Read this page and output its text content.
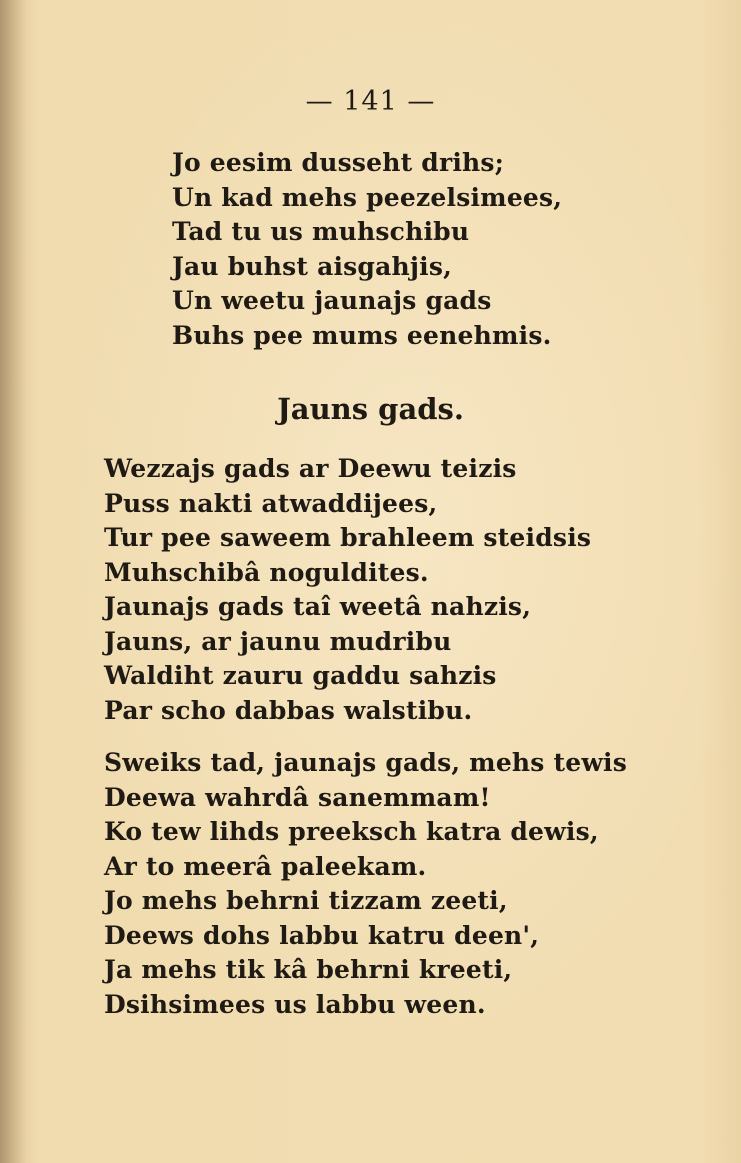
— 141 —
Jo eesim dusseht drihs;
Un kad mehs peezelsimees,
Tad tu us muhschibu
Jau buhst aisgahjis,
Un weetu jaunajs gads
Buhs pee mums eenehmis.
Jauns gads.
Wezzajs gads ar Deewu teizis
Puss nakti atwaddijees,
Tur pee saweem brahleem steidsis
Muhschibâ noguldites.
Jaunajs gads taî weetâ nahzis,
Jauns, ar jaunu mudribu
Waldiht zauru gaddu sahzis
Par scho dabbas walstibu.
Sweiks tad, jaunajs gads, mehs tewis
Deewa wahrdâ sanemmam!
Ko tew lihds preeksch katra dewis,
Ar to meerâ paleekam.
Jo mehs behrni tizzam zeeti,
Deews dohs labbu katru deen',
Ja mehs tik kâ behrni kreeti,
Dsihsimees us labbu ween.
